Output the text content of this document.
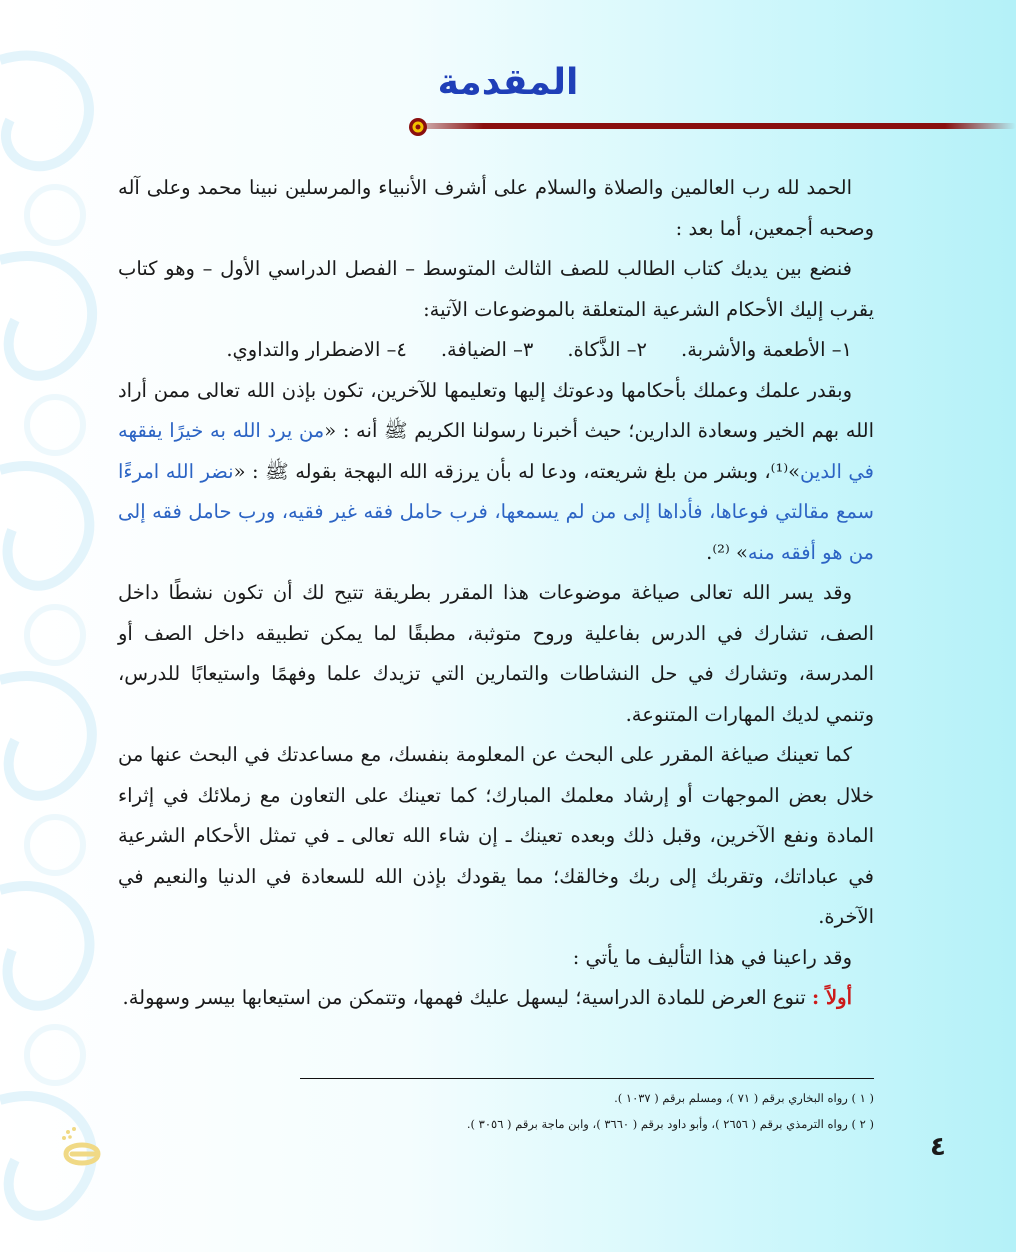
المقدمة

الحمد لله رب العالمين والصلاة والسلام على أشرف الأنبياء والمرسلين نبينا محمد وعلى آله وصحبه أجمعين، أما بعد :

فنضع بين يديك كتاب الطالب للصف الثالث المتوسط – الفصل الدراسي الأول – وهو كتاب يقرب إليك الأحكام الشرعية المتعلقة بالموضوعات الآتية:

١– الأطعمة والأشربة.
٢– الذَّكاة.
٣– الضيافة.
٤– الاضطرار والتداوي.

وبقدر علمك وعملك بأحكامها ودعوتك إليها وتعليمها للآخرين، تكون بإذن الله تعالى ممن أراد الله بهم الخير وسعادة الدارين؛ حيث أخبرنا رسولنا الكريم ﷺ أنه : «من يرد الله به خيرًا يفقهه في الدين»⁽¹⁾، وبشر من بلغ شريعته، ودعا له بأن يرزقه الله البهجة بقوله ﷺ : «نضر الله امرءًا سمع مقالتي فوعاها، فأداها إلى من لم يسمعها، فرب حامل فقه غير فقيه، ورب حامل فقه إلى من هو أفقه منه» ⁽²⁾.

وقد يسر الله تعالى صياغة موضوعات هذا المقرر بطريقة تتيح لك أن تكون نشطًا داخل الصف، تشارك في الدرس بفاعلية وروح متوثبة، مطبقًا لما يمكن تطبيقه داخل الصف أو المدرسة، وتشارك في حل النشاطات والتمارين التي تزيدك علما وفهمًا واستيعابًا للدرس، وتنمي لديك المهارات المتنوعة.

كما تعينك صياغة المقرر على البحث عن المعلومة بنفسك، مع مساعدتك في البحث عنها من خلال بعض الموجهات أو إرشاد معلمك المبارك؛ كما تعينك على التعاون مع زملائك في إثراء المادة ونفع الآخرين، وقبل ذلك وبعده تعينك ـ إن شاء الله تعالى ـ في تمثل الأحكام الشرعية في عباداتك، وتقربك إلى ربك وخالقك؛ مما يقودك بإذن الله للسعادة في الدنيا والنعيم في الآخرة.

وقد راعينا في هذا التأليف ما يأتي :

أولاً : تنوع العرض للمادة الدراسية؛ ليسهل عليك فهمها، وتتمكن من استيعابها بيسر وسهولة.

( ١ ) رواه البخاري برقم ( ٧١ )، ومسلم برقم ( ١٠٣٧ ).

( ٢ ) رواه الترمذي برقم ( ٢٦٥٦ )، وأبو داود برقم ( ٣٦٦٠ )، وابن ماجة برقم ( ٣٠٥٦ ).

٤
